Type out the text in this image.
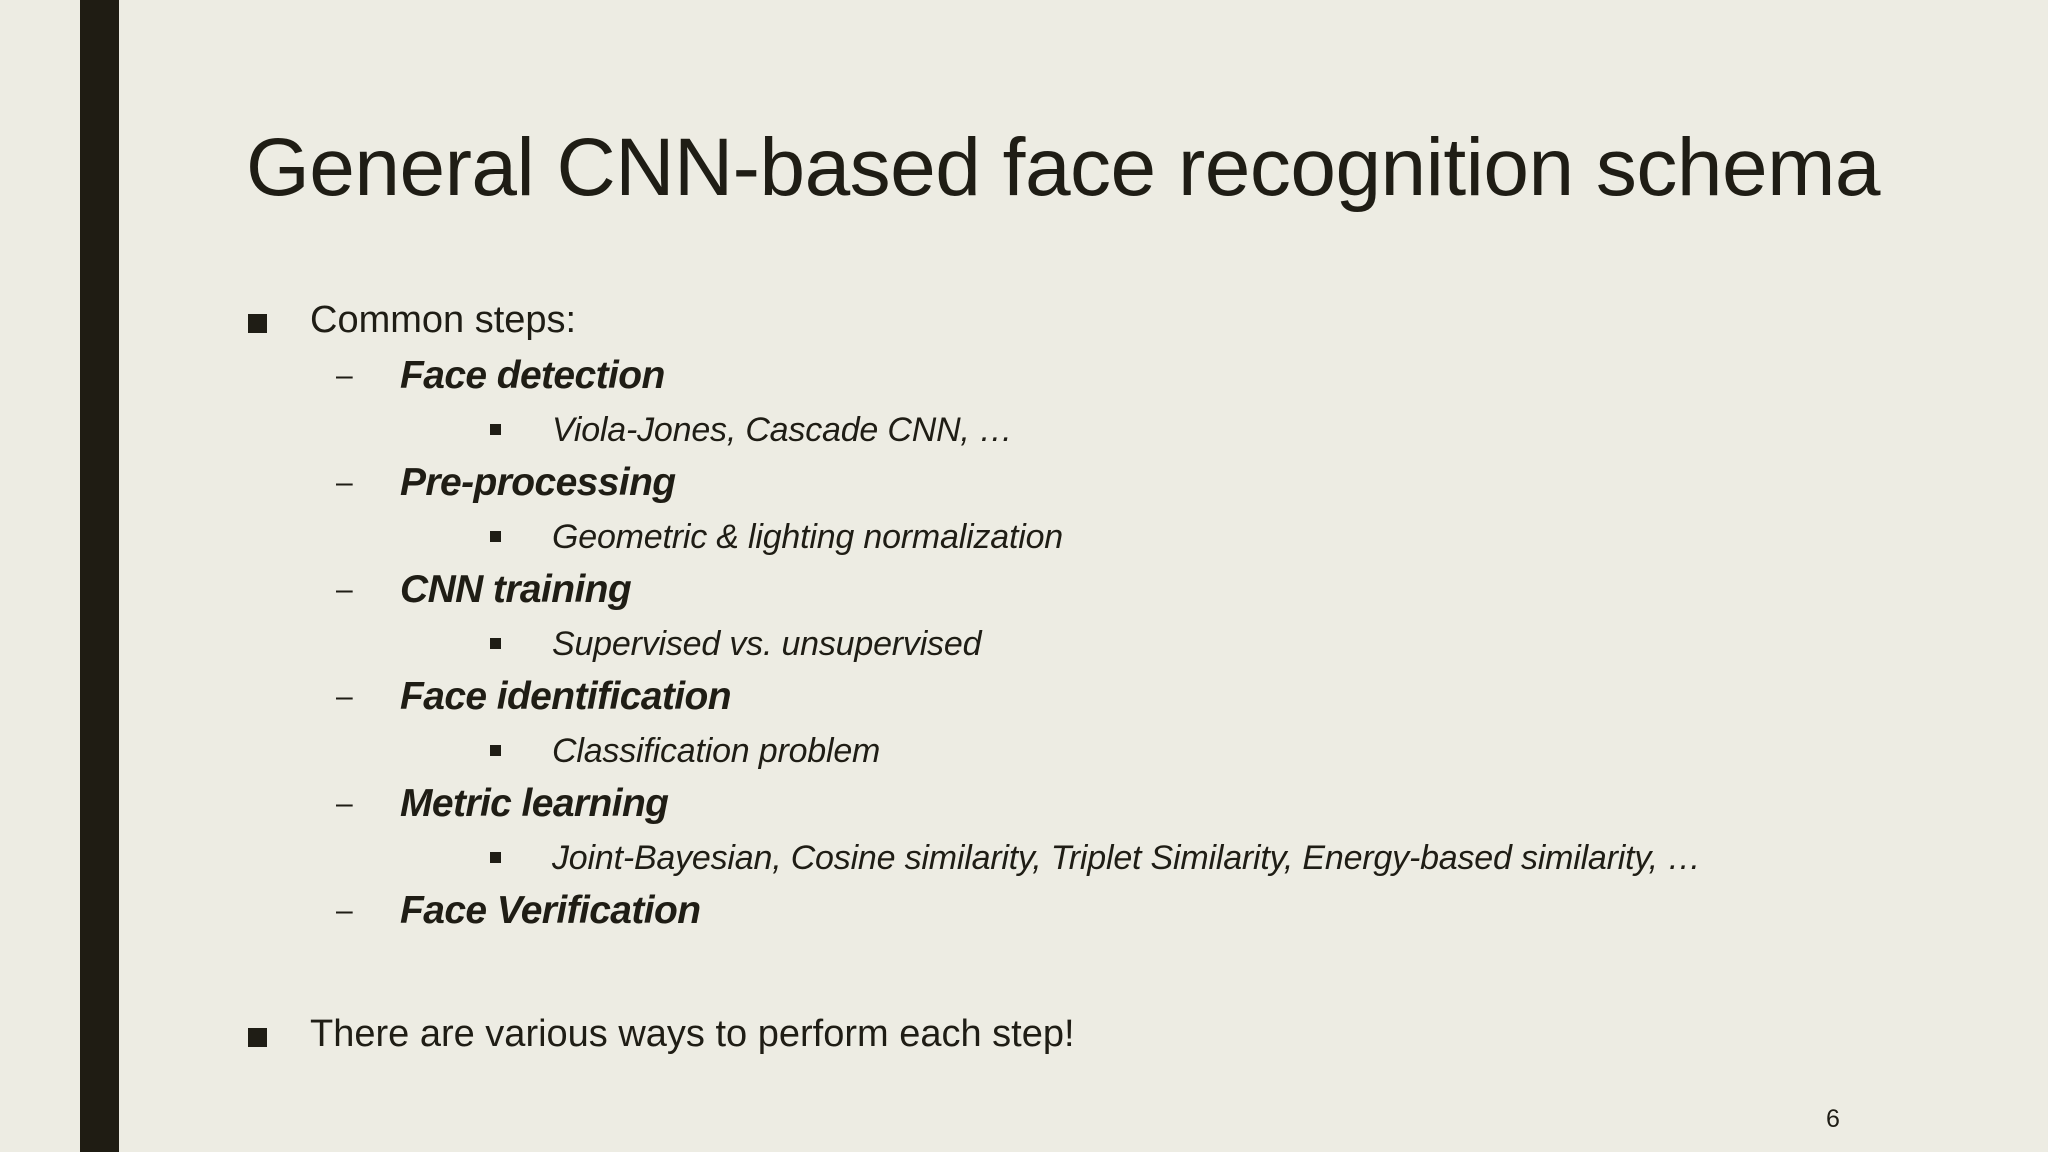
General CNN-based face recognition schema
Common steps:
– Face detection
Viola-Jones, Cascade CNN, …
– Pre-processing
Geometric & lighting normalization
– CNN training
Supervised vs. unsupervised
– Face identification
Classification problem
– Metric learning
Joint-Bayesian, Cosine similarity, Triplet Similarity, Energy-based similarity, …
– Face Verification
There are various ways to perform each step!
6
